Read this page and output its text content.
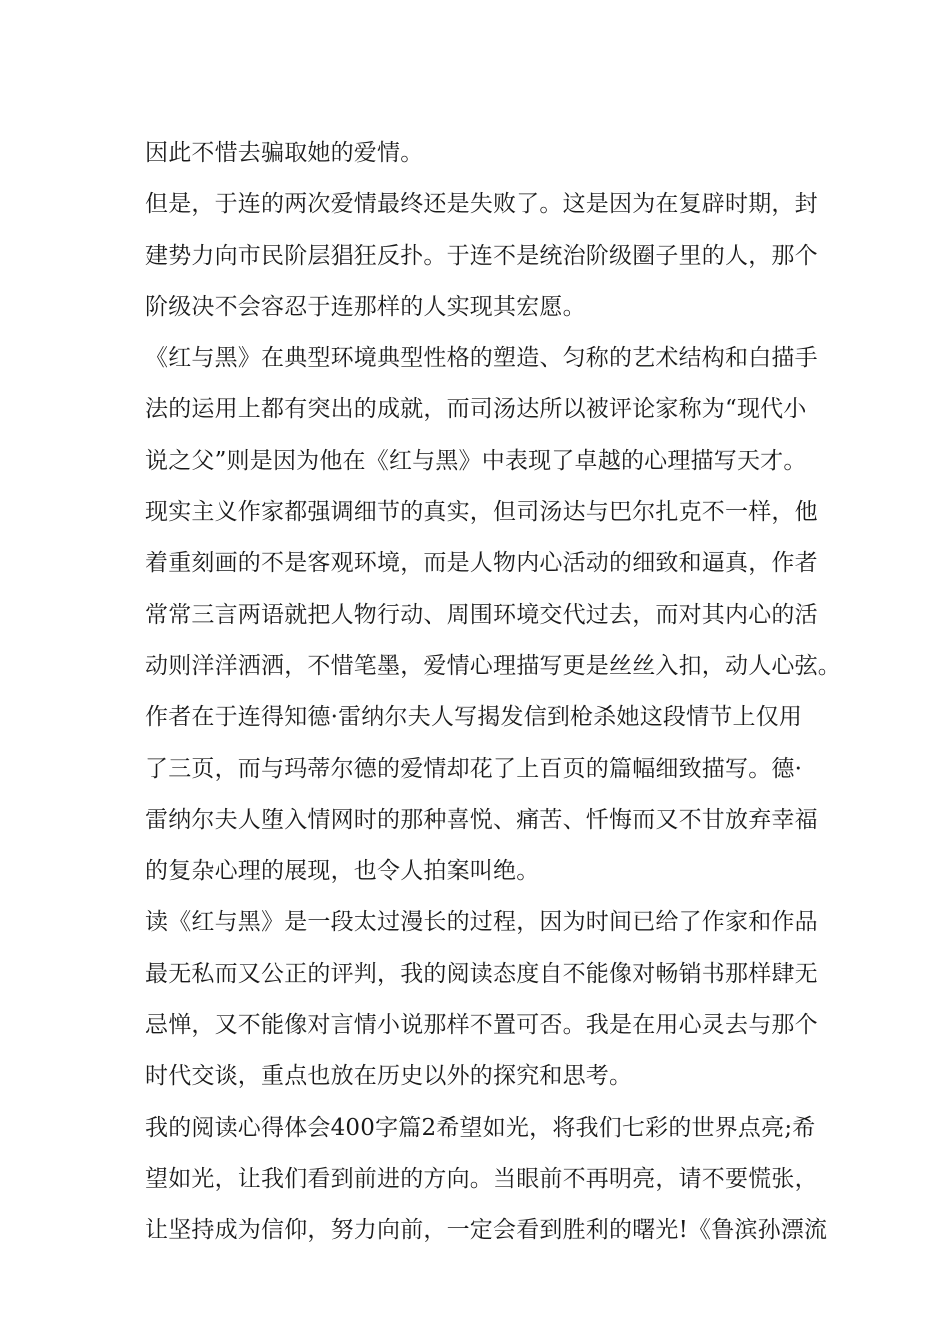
因此不惜去骗取她的爱情。
但是，于连的两次爱情最终还是失败了。这是因为在复辟时期，封
建势力向市民阶层猖狂反扑。于连不是统治阶级圈子里的人，那个
阶级决不会容忍于连那样的人实现其宏愿。
《红与黑》在典型环境典型性格的塑造、匀称的艺术结构和白描手
法的运用上都有突出的成就，而司汤达所以被评论家称为“现代小
说之父”则是因为他在《红与黑》中表现了卓越的心理描写天才。
现实主义作家都强调细节的真实，但司汤达与巴尔扎克不一样，他
着重刻画的不是客观环境，而是人物内心活动的细致和逼真，作者
常常三言两语就把人物行动、周围环境交代过去，而对其内心的活
动则洋洋洒洒，不惜笔墨，爱情心理描写更是丝丝入扣，动人心弦。
作者在于连得知德·雷纳尔夫人写揭发信到枪杀她这段情节上仅用
了三页，而与玛蒂尔德的爱情却花了上百页的篇幅细致描写。德·
雷纳尔夫人堕入情网时的那种喜悦、痛苦、忏悔而又不甘放弃幸福
的复杂心理的展现，也令人拍案叫绝。
读《红与黑》是一段太过漫长的过程，因为时间已给了作家和作品
最无私而又公正的评判，我的阅读态度自不能像对畅销书那样肆无
忌惮，又不能像对言情小说那样不置可否。我是在用心灵去与那个
时代交谈，重点也放在历史以外的探究和思考。
我的阅读心得体会400字篇2希望如光，将我们七彩的世界点亮;希
望如光，让我们看到前进的方向。当眼前不再明亮，请不要慌张，
让坚持成为信仰，努力向前，一定会看到胜利的曙光!《鲁滨孙漂流
